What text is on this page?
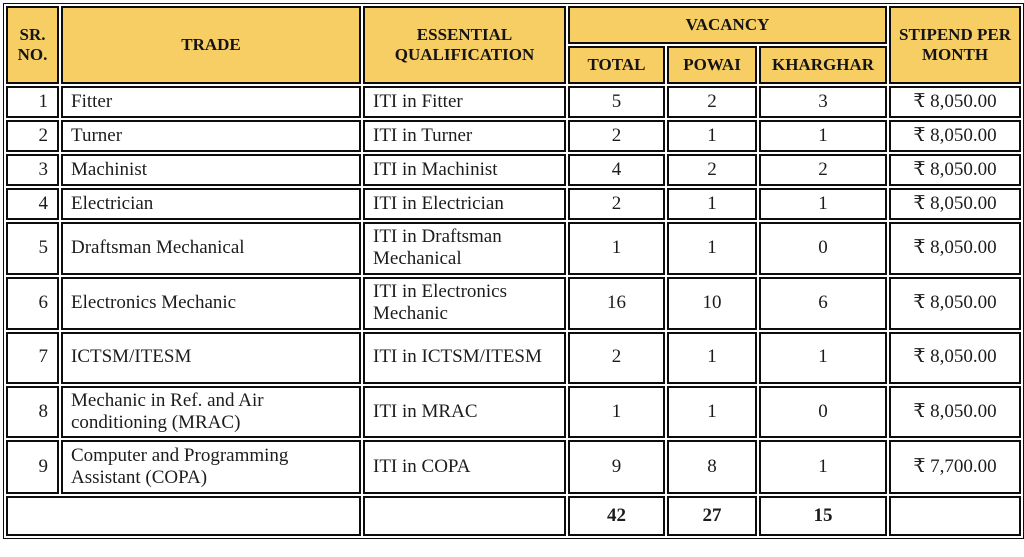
SR. NO.	TRADE	ESSENTIAL QUALIFICATION	VACANCY			STIPEND PER MONTH
			TOTAL	POWAI	KHARGHAR	
1	Fitter	ITI in Fitter	5	2	3	₹ 8,050.00
2	Turner	ITI in Turner	2	1	1	₹ 8,050.00
3	Machinist	ITI in Machinist	4	2	2	₹ 8,050.00
4	Electrician	ITI in Electrician	2	1	1	₹ 8,050.00
5	Draftsman Mechanical	ITI in Draftsman Mechanical	1	1	0	₹ 8,050.00
6	Electronics Mechanic	ITI in Electronics Mechanic	16	10	6	₹ 8,050.00
7	ICTSM/ITESM	ITI in ICTSM/ITESM	2	1	1	₹ 8,050.00
8	Mechanic in Ref. and Air conditioning (MRAC)	ITI in MRAC	1	1	0	₹ 8,050.00
9	Computer and Programming Assistant (COPA)	ITI in COPA	9	8	1	₹ 7,700.00
			42	27	15	
